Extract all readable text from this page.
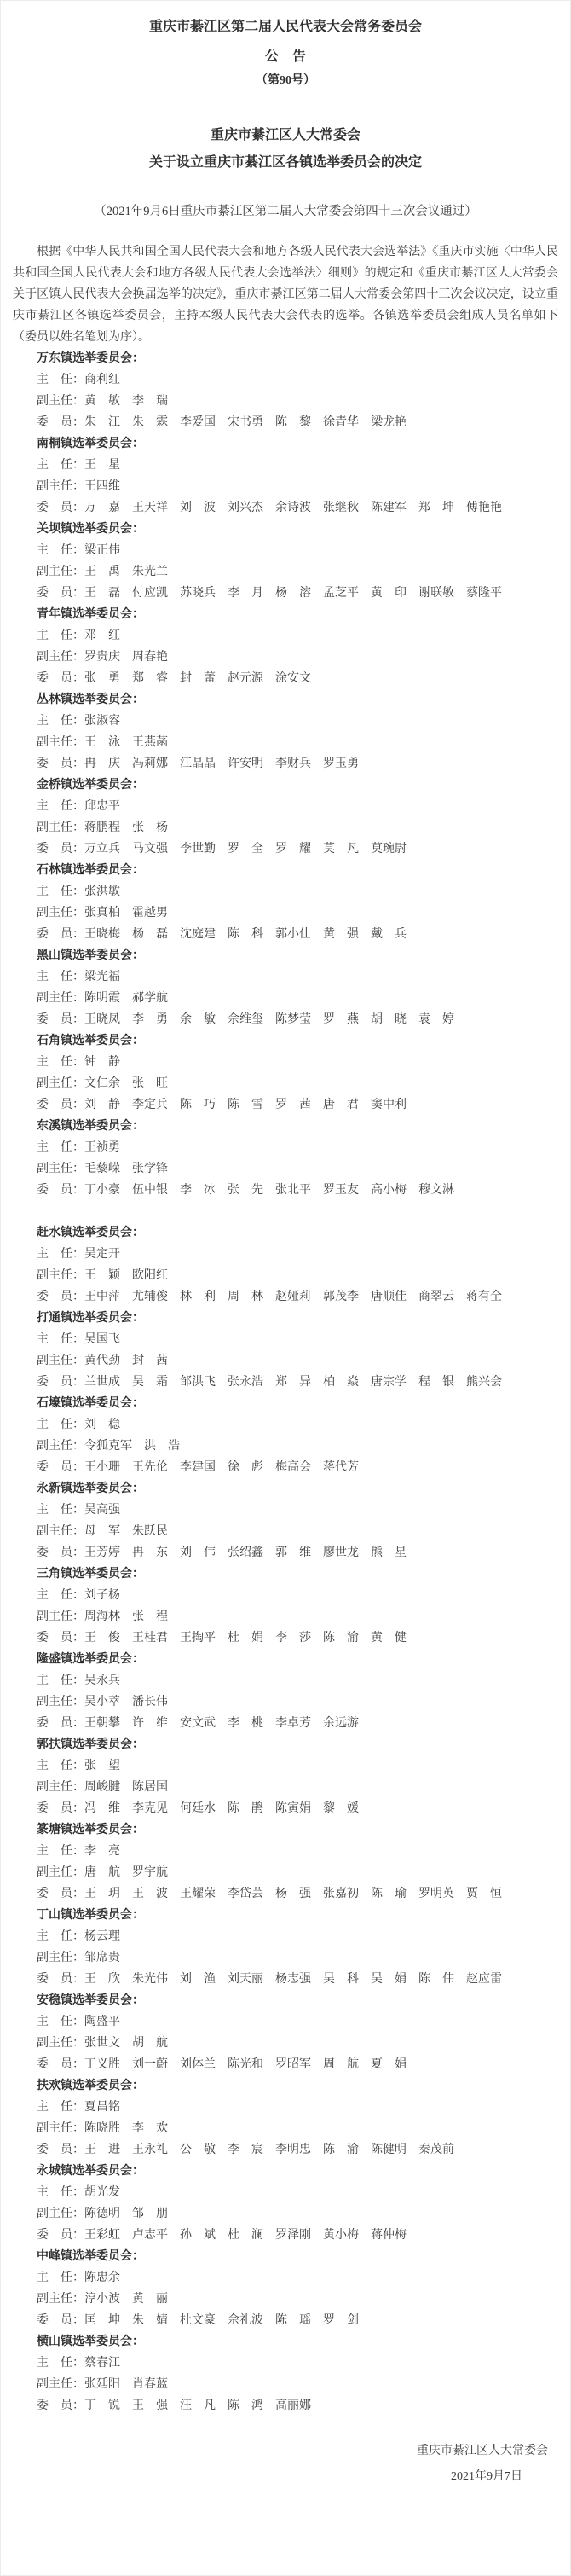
重庆市綦江区第二届人民代表大会常务委员会
公　告
（第90号）
重庆市綦江区人大常委会
关于设立重庆市綦江区各镇选举委员会的决定
（2021年9月6日重庆市綦江区第二届人大常委会第四十三次会议通过）

根据《中华人民共和国全国人民代表大会和地方各级人民代表大会选举法》《重庆市实施〈中华人民共和国全国人民代表大会和地方各级人民代表大会选举法〉细则》的规定和《重庆市綦江区人大常委会关于区镇人民代表大会换届选举的决定》，重庆市綦江区第二届人大常委会第四十三次会议决定，设立重庆市綦江区各镇选举委员会，主持本级人民代表大会代表的选举。各镇选举委员会组成人员名单如下（委员以姓名笔划为序）。

万东镇选举委员会：

主　任：商利红

副主任：黄　敏　李　瑞

委　员：朱　江　朱　霖　李爱国　宋书勇　陈　黎　徐青华　梁龙艳

南桐镇选举委员会：

主　任：王　星

副主任：王四维

委　员：万　嘉　王天祥　刘　波　刘兴杰　余诗波　张继秋　陈建军　郑　坤　傅艳艳

关坝镇选举委员会：

主　任：梁正伟

副主任：王　禹　朱光兰

委　员：王　磊　付应凯　苏晓兵　李　月　杨　溶　孟芝平　黄　印　谢联敏　蔡隆平

青年镇选举委员会：

主　任：邓　红

副主任：罗贵庆　周春艳

委　员：张　勇　郑　睿　封　蕾　赵元源　涂安文

丛林镇选举委员会：

主　任：张淑容

副主任：王　泳　王燕菡

委　员：冉　庆　冯莉娜　江晶晶　许安明　李财兵　罗玉勇

金桥镇选举委员会：

主　任：邱忠平

副主任：蒋鹏程　张　杨

委　员：万立兵　马文强　李世勤　罗　全　罗　耀　莫　凡　莫琬尉

石林镇选举委员会：

主　任：张洪敏

副主任：张真柏　霍越男

委　员：王晓梅　杨　磊　沈庭建　陈　科　郭小仕　黄　强　戴　兵

黑山镇选举委员会：

主　任：梁光福

副主任：陈明霞　郝学航

委　员：王晓凤　李　勇　余　敏　佘维玺　陈梦莹　罗　燕　胡　晓　袁　婷

石角镇选举委员会：

主　任：钟　静

副主任：文仁余　张　旺

委　员：刘　静　李定兵　陈　巧　陈　雪　罗　茜　唐　君　窦中利

东溪镇选举委员会：

主　任：王祯勇

副主任：毛藜嵘　张学锋

委　员：丁小豪　伍中银　李　冰　张　先　张北平　罗玉友　高小梅　穆文淋

赶水镇选举委员会：

主　任：吴定开

副主任：王　颖　欧阳红

委　员：王中萍　尤辅俊　林　利　周　林　赵娅莉　郭茂李　唐顺佳　商翠云　蒋有全

打通镇选举委员会：

主　任：吴国飞

副主任：黄代劲　封　茜

委　员：兰世成　吴　霜　邹洪飞　张永浩　郑　异　柏　焱　唐宗学　程　银　熊兴会

石壕镇选举委员会：

主　任：刘　稳

副主任：令狐克军　洪　浩

委　员：王小珊　王先伦　李建国　徐　彪　梅高会　蒋代芳

永新镇选举委员会：

主　任：吴高强

副主任：母　军　朱跃民

委　员：王芳婷　冉　东　刘　伟　张绍鑫　郭　维　廖世龙　熊　星

三角镇选举委员会：

主　任：刘子杨

副主任：周海林　张　程

委　员：王　俊　王桂君　王掏平　杜　娟　李　莎　陈　渝　黄　健

隆盛镇选举委员会：

主　任：吴永兵

副主任：吴小萃　潘长伟

委　员：王朝攀　许　维　安文武　李　桃　李卓芳　余远游

郭扶镇选举委员会：

主　任：张　望

副主任：周峻腱　陈居国

委　员：冯　维　李克见　何廷水　陈　鹃　陈寅娟　黎　媛

篆塘镇选举委员会：

主　任：李　亮

副主任：唐　航　罗宇航

委　员：王　玥　王　波　王耀荣　李岱芸　杨　强　张嘉初　陈　瑜　罗明英　贾　恒

丁山镇选举委员会：

主　任：杨云理

副主任：邹席贵

委　员：王　欣　朱光伟　刘　渔　刘天丽　杨志强　吴　科　吴　娟　陈　伟　赵应雷

安稳镇选举委员会：

主　任：陶盛平

副主任：张世文　胡　航

委　员：丁义胜　刘一蔚　刘体兰　陈光和　罗昭军　周　航　夏　娟

扶欢镇选举委员会：

主　任：夏昌铭

副主任：陈晓胜　李　欢

委　员：王　进　王永礼　公　敬　李　宸　李明忠　陈　渝　陈健明　秦茂前

永城镇选举委员会：

主　任：胡光发

副主任：陈德明　邹　朋

委　员：王彩虹　卢志平　孙　斌　杜　澜　罗泽刚　黄小梅　蒋仲梅

中峰镇选举委员会：

主　任：陈忠余

副主任：淳小波　黄　丽

委　员：匡　坤　朱　婧　杜文豪　佘礼波　陈　瑶　罗　剑

横山镇选举委员会：

主　任：蔡春江

副主任：张廷阳　肖春蓝

委　员：丁　锐　王　强　汪　凡　陈　鸿　高丽娜

重庆市綦江区人大常委会
2021年9月7日
